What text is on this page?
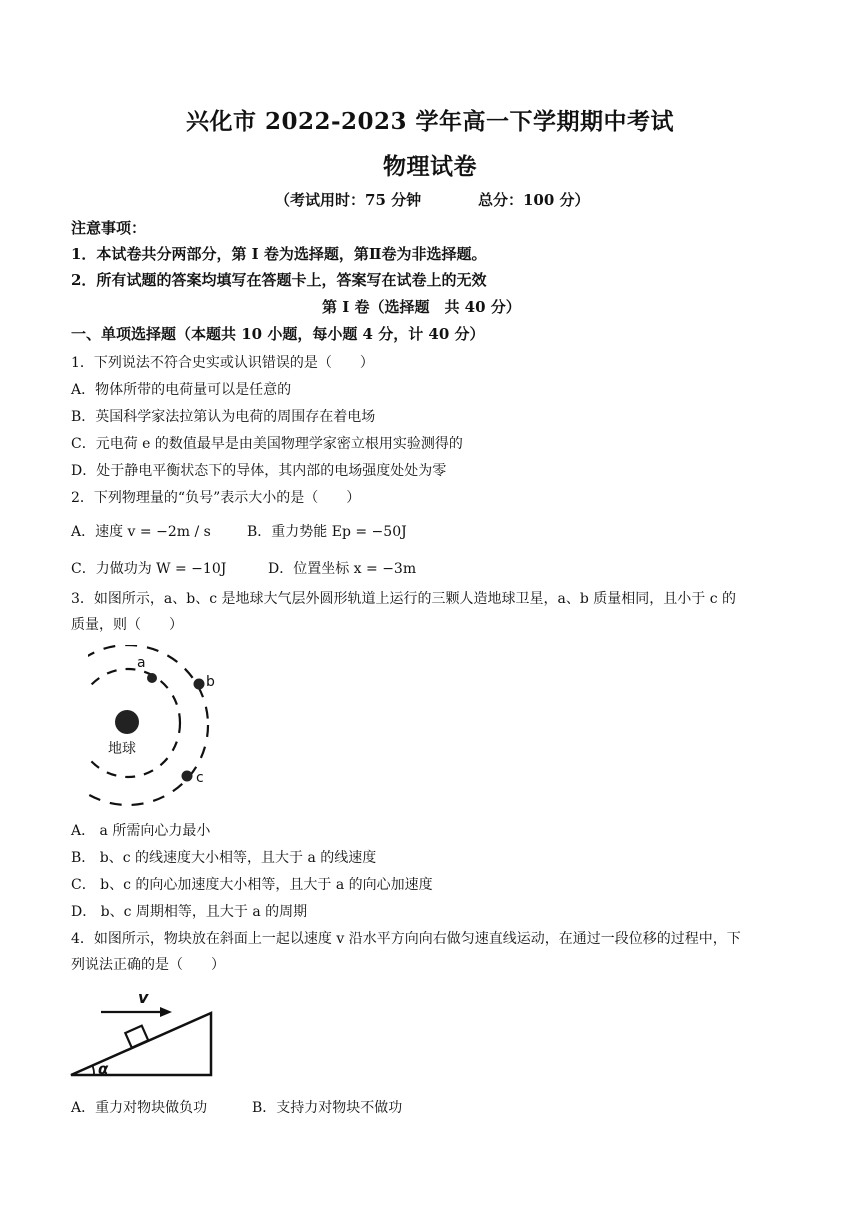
兴化市 2022-2023 学年高一下学期期中考试
物理试卷
（考试用时：75 分钟	总分：100 分）
注意事项：
1．本试卷共分两部分，第 I 卷为选择题，第Ⅱ卷为非选择题。
2．所有试题的答案均填写在答题卡上，答案写在试卷上的无效
第 I 卷（选择题　共 40 分）
一、单项选择题（本题共 10 小题，每小题 4 分，计 40 分）
1．下列说法不符合史实或认识错误的是（　　）
A．物体所带的电荷量可以是任意的
B．英国科学家法拉第认为电荷的周围存在着电场
C．元电荷 e 的数值最早是由美国物理学家密立根用实验测得的
D．处于静电平衡状态下的导体，其内部的电场强度处处为零
2．下列物理量的“负号”表示大小的是（　　）
A．速度 v = −2m / s	B．重力势能 Ep = −50J
C．力做功为 W = −10J	D．位置坐标 x = −3m
3．如图所示，a、b、c 是地球大气层外圆形轨道上运行的三颗人造地球卫星，a、b 质量相同，且小于 c 的
质量，则（　　）
地球
a
b
c
A． a 所需向心力最小
B． b、c 的线速度大小相等，且大于 a 的线速度
C． b、c 的向心加速度大小相等，且大于 a 的向心加速度
D． b、c 周期相等，且大于 a 的周期
4．如图所示，物块放在斜面上一起以速度 v 沿水平方向向右做匀速直线运动，在通过一段位移的过程中，下
列说法正确的是（　　）
v
α
A．重力对物块做负功	B．支持力对物块不做功
